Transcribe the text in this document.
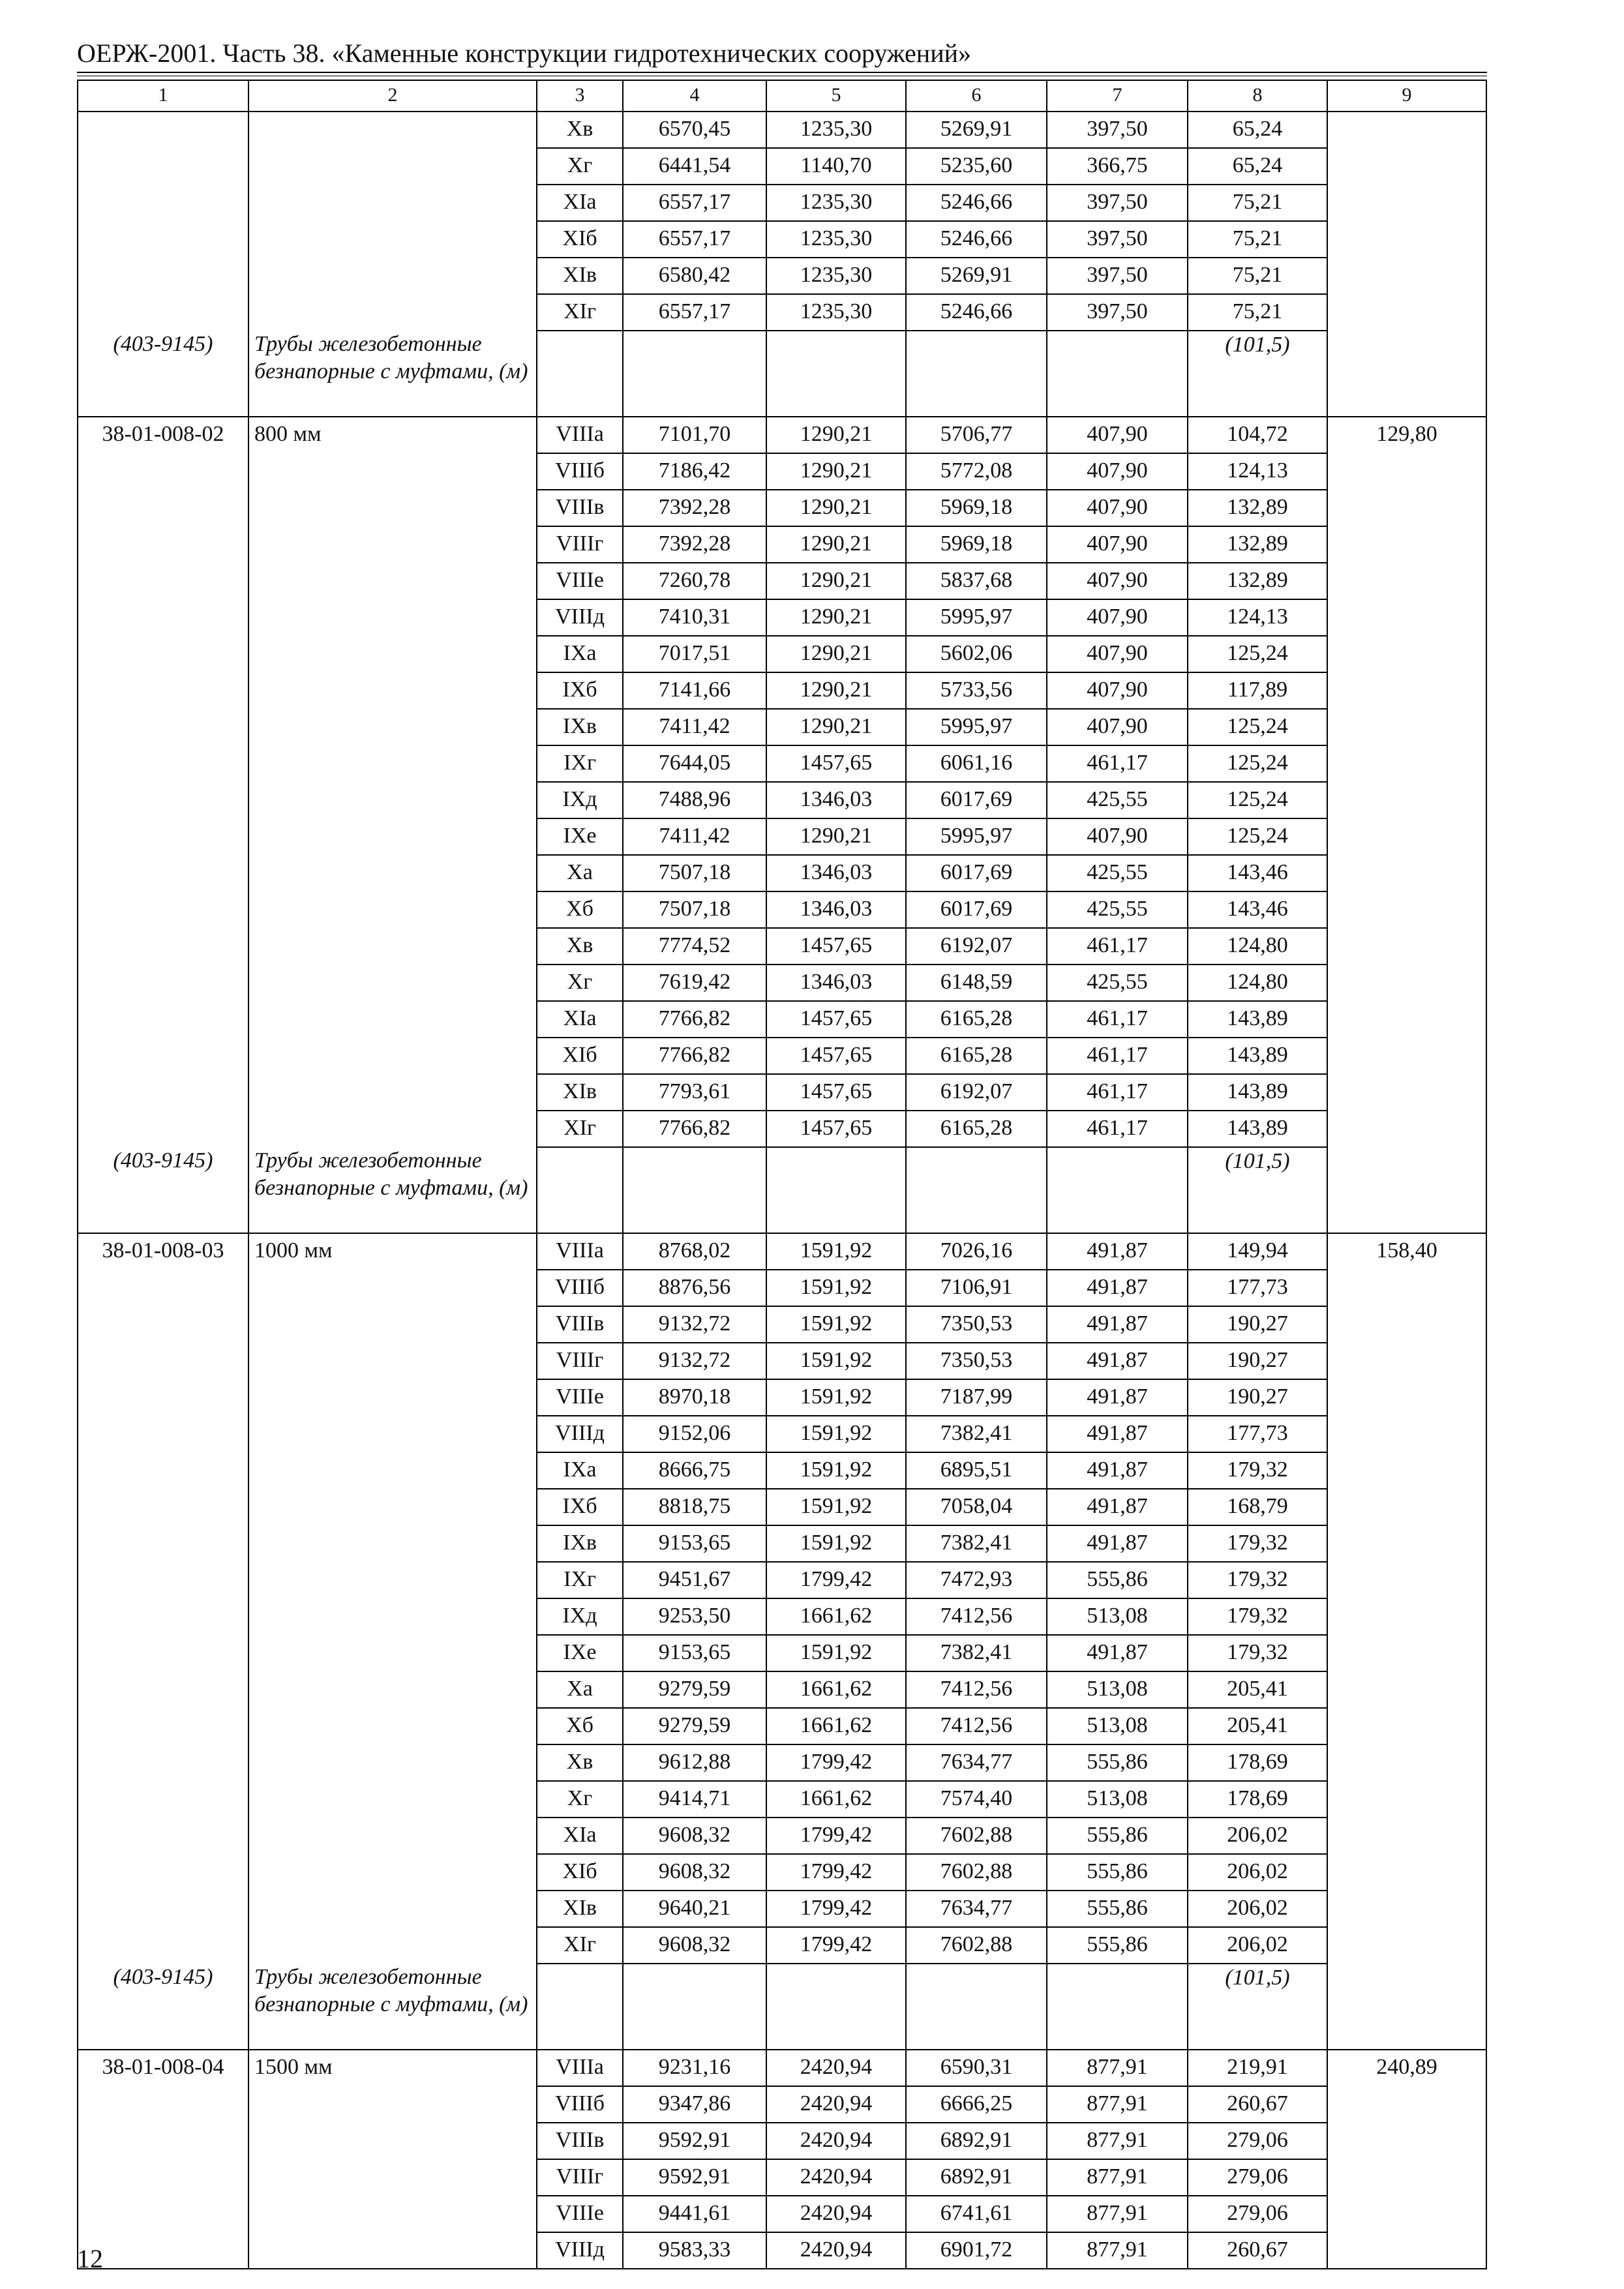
ОЕРЖ-2001. Часть 38. «Каменные конструкции гидротехнических сооружений»
1	2	3	4	5	6	7	8	9
		Хв	6570,45	1235,30	5269,91	397,50	65,24	
		Хг	6441,54	1140,70	5235,60	366,75	65,24	
		ХIа	6557,17	1235,30	5246,66	397,50	75,21	
		ХIб	6557,17	1235,30	5246,66	397,50	75,21	
		ХIв	6580,42	1235,30	5269,91	397,50	75,21	
		ХIг	6557,17	1235,30	5246,66	397,50	75,21	
(403-9145)	Трубы железобетонные безнапорные с муфтами, (м)						(101,5)	
38-01-008-02	800 мм	VIIIа	7101,70	1290,21	5706,77	407,90	104,72	129,80
		VIIIб	7186,42	1290,21	5772,08	407,90	124,13	
		VIIIв	7392,28	1290,21	5969,18	407,90	132,89	
		VIIIг	7392,28	1290,21	5969,18	407,90	132,89	
		VIIIе	7260,78	1290,21	5837,68	407,90	132,89	
		VIIIд	7410,31	1290,21	5995,97	407,90	124,13	
		IХа	7017,51	1290,21	5602,06	407,90	125,24	
		IХб	7141,66	1290,21	5733,56	407,90	117,89	
		IХв	7411,42	1290,21	5995,97	407,90	125,24	
		IХг	7644,05	1457,65	6061,16	461,17	125,24	
		IХд	7488,96	1346,03	6017,69	425,55	125,24	
		IХе	7411,42	1290,21	5995,97	407,90	125,24	
		Ха	7507,18	1346,03	6017,69	425,55	143,46	
		Хб	7507,18	1346,03	6017,69	425,55	143,46	
		Хв	7774,52	1457,65	6192,07	461,17	124,80	
		Хг	7619,42	1346,03	6148,59	425,55	124,80	
		ХIа	7766,82	1457,65	6165,28	461,17	143,89	
		ХIб	7766,82	1457,65	6165,28	461,17	143,89	
		ХIв	7793,61	1457,65	6192,07	461,17	143,89	
		ХIг	7766,82	1457,65	6165,28	461,17	143,89	
(403-9145)	Трубы железобетонные безнапорные с муфтами, (м)						(101,5)	
38-01-008-03	1000 мм	VIIIа	8768,02	1591,92	7026,16	491,87	149,94	158,40
		VIIIб	8876,56	1591,92	7106,91	491,87	177,73	
		VIIIв	9132,72	1591,92	7350,53	491,87	190,27	
		VIIIг	9132,72	1591,92	7350,53	491,87	190,27	
		VIIIе	8970,18	1591,92	7187,99	491,87	190,27	
		VIIIд	9152,06	1591,92	7382,41	491,87	177,73	
		IХа	8666,75	1591,92	6895,51	491,87	179,32	
		IХб	8818,75	1591,92	7058,04	491,87	168,79	
		IХв	9153,65	1591,92	7382,41	491,87	179,32	
		IХг	9451,67	1799,42	7472,93	555,86	179,32	
		IХд	9253,50	1661,62	7412,56	513,08	179,32	
		IХе	9153,65	1591,92	7382,41	491,87	179,32	
		Ха	9279,59	1661,62	7412,56	513,08	205,41	
		Хб	9279,59	1661,62	7412,56	513,08	205,41	
		Хв	9612,88	1799,42	7634,77	555,86	178,69	
		Хг	9414,71	1661,62	7574,40	513,08	178,69	
		ХIа	9608,32	1799,42	7602,88	555,86	206,02	
		ХIб	9608,32	1799,42	7602,88	555,86	206,02	
		ХIв	9640,21	1799,42	7634,77	555,86	206,02	
		ХIг	9608,32	1799,42	7602,88	555,86	206,02	
(403-9145)	Трубы железобетонные безнапорные с муфтами, (м)						(101,5)	
38-01-008-04	1500 мм	VIIIа	9231,16	2420,94	6590,31	877,91	219,91	240,89
		VIIIб	9347,86	2420,94	6666,25	877,91	260,67	
		VIIIв	9592,91	2420,94	6892,91	877,91	279,06	
		VIIIг	9592,91	2420,94	6892,91	877,91	279,06	
		VIIIе	9441,61	2420,94	6741,61	877,91	279,06	
		VIIIд	9583,33	2420,94	6901,72	877,91	260,67	
12
